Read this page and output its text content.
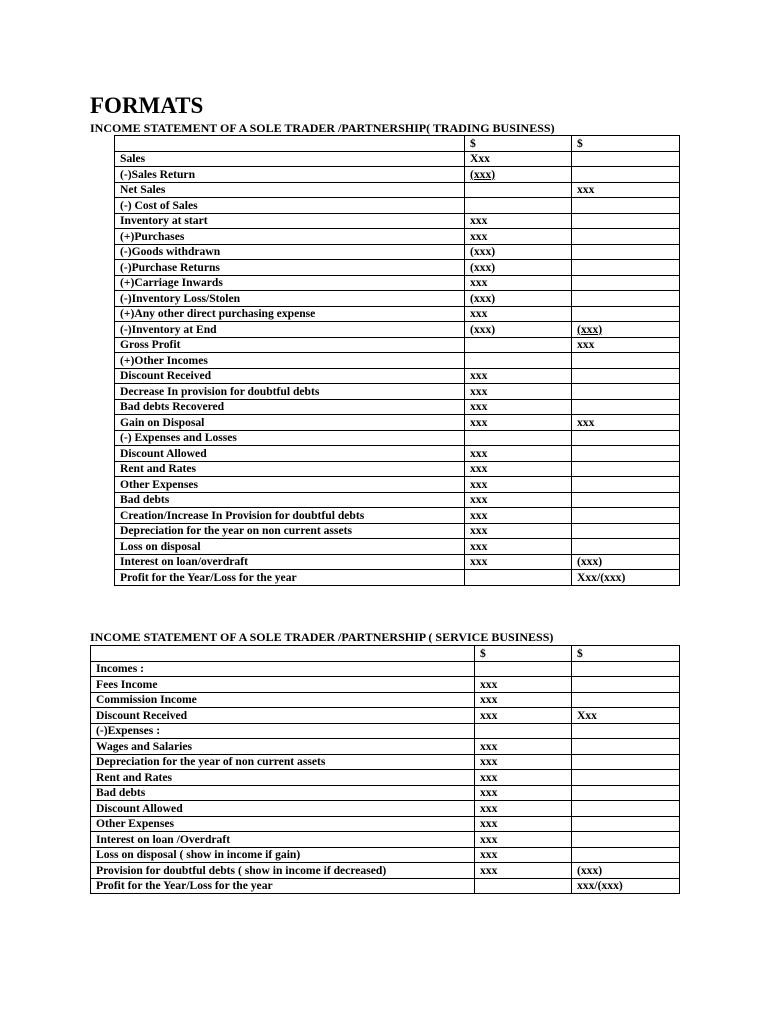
FORMATS
INCOME STATEMENT OF A SOLE TRADER /PARTNERSHIP( TRADING BUSINESS)
	$	$
Sales	Xxx	
(-)Sales Return	(xxx)	
Net Sales		xxx
(-) Cost of Sales		
Inventory at start	xxx	
(+)Purchases	xxx	
(-)Goods withdrawn	(xxx)	
(-)Purchase Returns	(xxx)	
(+)Carriage Inwards	xxx	
(-)Inventory Loss/Stolen	(xxx)	
(+)Any other direct purchasing expense	xxx	
(-)Inventory at End	(xxx)	(xxx)
Gross Profit		xxx
(+)Other Incomes		
Discount Received	xxx	
Decrease In provision for doubtful debts	xxx	
Bad debts Recovered	xxx	
Gain on Disposal	xxx	xxx
(-) Expenses and Losses		
Discount Allowed	xxx	
Rent and Rates	xxx	
Other Expenses	xxx	
Bad debts	xxx	
Creation/Increase In Provision for doubtful debts	xxx	
Depreciation for the year on non current assets	xxx	
Loss on disposal	xxx	
Interest on loan/overdraft	xxx	(xxx)
Profit for the Year/Loss for the year		Xxx/(xxx)
INCOME STATEMENT OF A SOLE TRADER /PARTNERSHIP ( SERVICE BUSINESS)
	$	$
Incomes :		
Fees Income	xxx	
Commission Income	xxx	
Discount Received	xxx	Xxx
(-)Expenses :		
Wages and Salaries	xxx	
Depreciation for the year of non current assets	xxx	
Rent and Rates	xxx	
Bad debts	xxx	
Discount Allowed	xxx	
Other Expenses	xxx	
Interest on loan /Overdraft	xxx	
Loss on disposal ( show in income if gain)	xxx	
Provision for doubtful debts ( show in income if decreased)	xxx	(xxx)
Profit for the Year/Loss for the year		xxx/(xxx)
